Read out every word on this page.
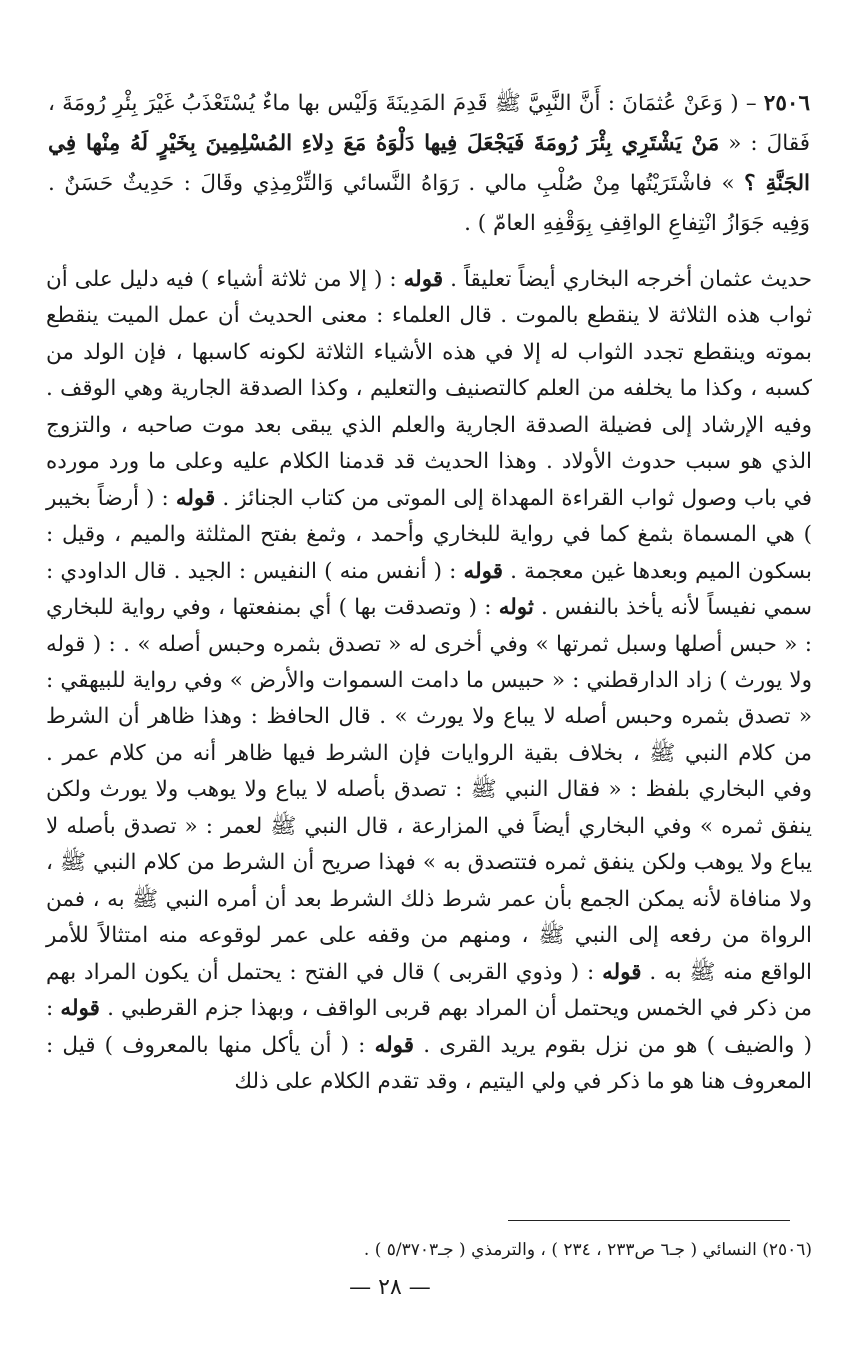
٢٥٠٦ – ( وَعَنْ عُثمَانَ : أَنَّ النَّبِيَّ ﷺ قَدِمَ المَدِينَةَ وَلَيْس بها ماءٌ يُسْتَعْذَبُ غَيْرَ بِئْرِ رُومَةَ ، فَقالَ : « مَنْ يَشْتَرِي بِئْرَ رُومَةَ فَيَجْعَلَ فِيها دَلْوَهُ مَعَ دِلاءِ المُسْلِمِينَ بِخَيْرٍ لَهُ مِنْها فِي الجَنَّةِ ؟ » فاشْتَرَيْتُها مِنْ صُلْبِ مالي . رَوَاهُ النَّسائي وَالتِّرْمِذِي وقَالَ : حَدِيثٌ حَسَنٌ . وَفِيه جَوَازُ انْتِفاعِ الواقِفِ بِوَقْفِهِ العامّ ) .

حديث عثمان أخرجه البخاري أيضاً تعليقاً . قوله : ( إلا من ثلاثة أشياء ) فيه دليل على أن ثواب هذه الثلاثة لا ينقطع بالموت . قال العلماء : معنى الحديث أن عمل الميت ينقطع بموته وينقطع تجدد الثواب له إلا في هذه الأشياء الثلاثة لكونه كاسبها ، فإن الولد من كسبه ، وكذا ما يخلفه من العلم كالتصنيف والتعليم ، وكذا الصدقة الجارية وهي الوقف . وفيه الإرشاد إلى فضيلة الصدقة الجارية والعلم الذي يبقى بعد موت صاحبه ، والتزوج الذي هو سبب حدوث الأولاد . وهذا الحديث قد قدمنا الكلام عليه وعلى ما ورد مورده في باب وصول ثواب القراءة المهداة إلى الموتى من كتاب الجنائز . قوله : ( أرضاً بخيبر ) هي المسماة بثمغ كما في رواية للبخاري وأحمد ، وثمغ بفتح المثلثة والميم ، وقيل : بسكون الميم وبعدها غين معجمة . قوله : ( أنفس منه ) النفيس : الجيد . قال الداودي : سمي نفيساً لأنه يأخذ بالنفس . ثوله : ( وتصدقت بها ) أي بمنفعتها ، وفي رواية للبخاري : « حبس أصلها وسبل ثمرتها » وفي أخرى له « تصدق بثمره وحبس أصله » . : ( قوله ولا يورث ) زاد الدارقطني : « حبيس ما دامت السموات والأرض » وفي رواية للبيهقي : « تصدق بثمره وحبس أصله لا يباع ولا يورث » . قال الحافظ : وهذا ظاهر أن الشرط من كلام النبي ﷺ ، بخلاف بقية الروايات فإن الشرط فيها ظاهر أنه من كلام عمر . وفي البخاري بلفظ : « فقال النبي ﷺ : تصدق بأصله لا يباع ولا يوهب ولا يورث ولكن ينفق ثمره » وفي البخاري أيضاً في المزارعة ، قال النبي ﷺ لعمر : « تصدق بأصله لا يباع ولا يوهب ولكن ينفق ثمره فتتصدق به » فهذا صريح أن الشرط من كلام النبي ﷺ ، ولا منافاة لأنه يمكن الجمع بأن عمر شرط ذلك الشرط بعد أن أمره النبي ﷺ به ، فمن الرواة من رفعه إلى النبي ﷺ ، ومنهم من وقفه على عمر لوقوعه منه امتثالاً للأمر الواقع منه ﷺ به . قوله : ( وذوي القربى ) قال في الفتح : يحتمل أن يكون المراد بهم من ذكر في الخمس ويحتمل أن المراد بهم قربى الواقف ، وبهذا جزم القرطبي . قوله : ( والضيف ) هو من نزل بقوم يريد القرى . قوله : ( أن يأكل منها بالمعروف ) قيل : المعروف هنا هو ما ذكر في ولي اليتيم ، وقد تقدم الكلام على ذلك

(٢٥٠٦) النسائي ( جـ٦ ص٢٣٣ ، ٢٣٤ ) ، والترمذي ( جـ٥/٣٧٠٣ ) .
— ٢٨ —
